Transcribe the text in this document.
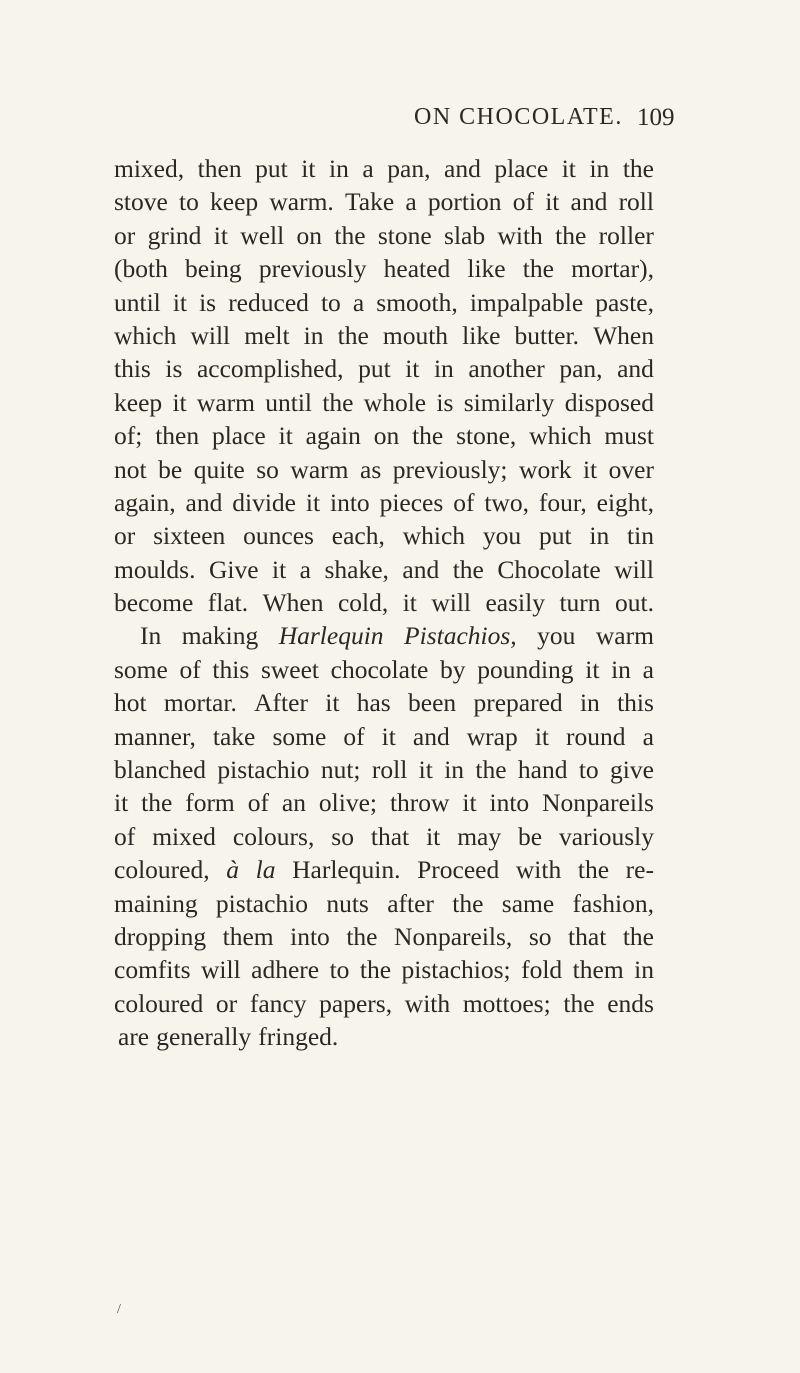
ON CHOCOLATE. 109
mixed, then put it in a pan, and place it in the
stove to keep warm. Take a portion of it and roll
or grind it well on the stone slab with the roller
(both being previously heated like the mortar),
until it is reduced to a smooth, impalpable paste,
which will melt in the mouth like butter. When
this is accomplished, put it in another pan, and
keep it warm until the whole is similarly disposed
of; then place it again on the stone, which must
not be quite so warm as previously; work it over
again, and divide it into pieces of two, four, eight,
or sixteen ounces each, which you put in tin
moulds. Give it a shake, and the Chocolate will
become flat. When cold, it will easily turn out.
In making Harlequin Pistachios, you warm
some of this sweet chocolate by pounding it in a
hot mortar. After it has been prepared in this
manner, take some of it and wrap it round a
blanched pistachio nut; roll it in the hand to give
it the form of an olive; throw it into Nonpareils
of mixed colours, so that it may be variously
coloured, à la Harlequin. Proceed with the re-
maining pistachio nuts after the same fashion,
dropping them into the Nonpareils, so that the
comfits will adhere to the pistachios; fold them in
coloured or fancy papers, with mottoes; the ends
are generally fringed.
/
